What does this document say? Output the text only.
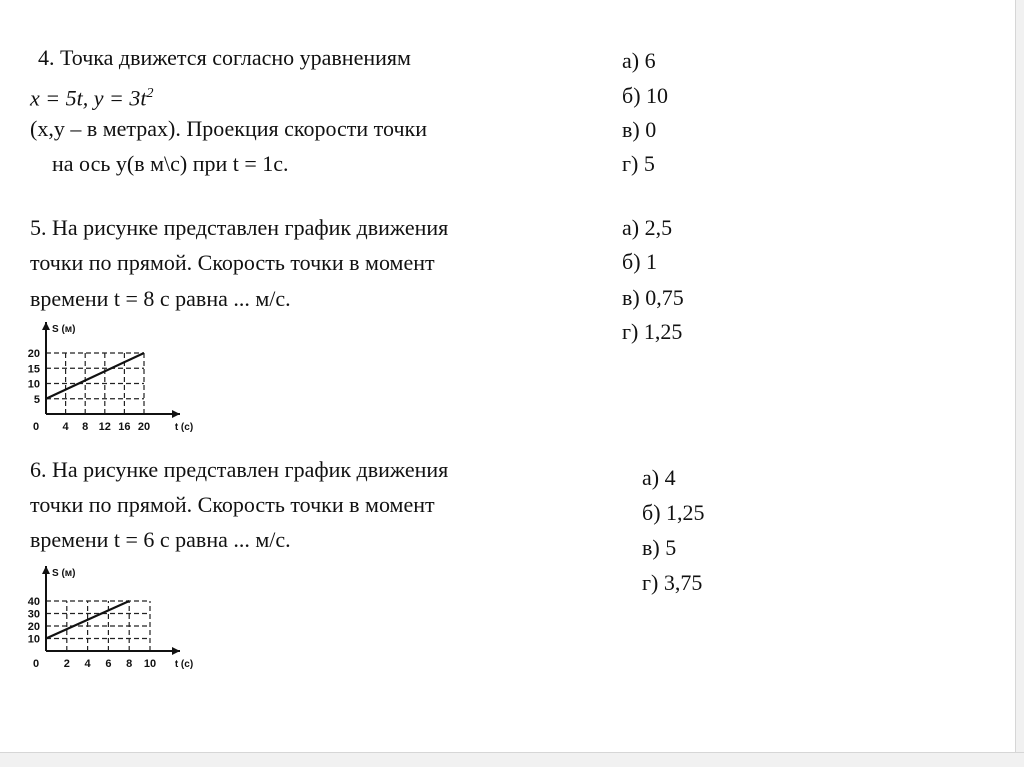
4. Точка движется согласно уравнениям
x = 5t, $y = 3t^2$
(x,y – в метрах). Проекция скорости точки
на ось y(в м\с) при t = 1с.
а) 6
б) 10
в) 0
г) 5
5. На рисунке представлен график движения
точки по прямой. Скорость точки в момент
времени t = 8 с равна ... м/с.
а) 2,5
б) 1
в) 0,75
г) 1,25
0 4 8 12 16 20
5
10
15
20
S (м)
t (с)
6. На рисунке представлен график движения
точки по прямой. Скорость точки в момент
времени t = 6 с равна ... м/с.
а) 4
б) 1,25
в) 5
г) 3,75
0 2 4 6 8 10
10
20
30
40
S (м)
t (с)
